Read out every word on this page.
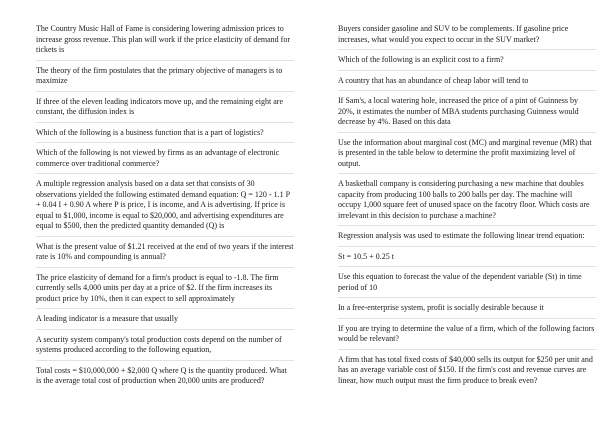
The Country Music Hall of Fame is considering lowering admission prices to increase gross revenue. This plan will work if the price elasticity of demand for tickets is

The theory of the firm postulates that the primary objective of managers is to maximize

If three of the eleven leading indicators move up, and the remaining eight are constant, the diffusion index is

Which of the following is a business function that is a part of logistics?

Which of the following is not viewed by firms as an advantage of electronic commerce over traditional commerce?

A multiple regression analysis based on a data set that consists of 30 observations yielded the following estimated demand equation: Q = 120 - 1.1 P + 0.04 I + 0.90 A where P is price, I is income, and A is advertising. If price is equal to $1,000, income is equal to $20,000, and advertising expenditures are equal to $500, then the predicted quantity demanded (Q) is

What is the present value of $1.21 received at the end of two years if the interest rate is 10% and compounding is annual?

The price elasticity of demand for a firm's product is equal to -1.8. The firm currently sells 4,000 units per day at a price of $2. If the firm increases its product price by 10%, then it can expect to sell approximately

A leading indicator is a measure that usually

A security system company's total production costs depend on the number of systems produced according to the following equation,

Total costs = $10,000,000 + $2,000 Q where Q is the quantity produced. What is the average total cost of production when 20,000 units are produced?

Buyers consider gasoline and SUV to be complements. If gasoline price increases, what would you expect to occur in the SUV market?

Which of the following is an explicit cost to a firm?

A country that has an abundance of cheap labor will tend to

If Sam's, a local watering hole, increased the price of a pint of Guinness by 20%, it estimates the number of MBA students purchasing Guinness would decrease by 4%. Based on this data

Use the information about marginal cost (MC) and marginal revenue (MR) that is presented in the table below to determine the profit maximizing level of output.

A basketball company is considering purchasing a new machine that doubles capacity from producing 100 balls to 200 balls per day. The machine will occupy 1,000 square feet of unused space on the facotry floor. Which costs are irrelevant in this decision to purchase a machine?

Regression analysis was used to estimate the following linear trend equation:

St = 10.5 + 0.25 t

Use this equation to forecast the value of the dependent variable (St) in time period of 10

In a free-enterprise system, profit is socially desirable because it

If you are trying to determine the value of a firm, which of the following factors would be relevant?

A firm that has total fixed costs of $40,000 sells its output for $250 per unit and has an average variable cost of $150. If the firm's cost and revenue curves are linear, how much output must the firm produce to break even?
